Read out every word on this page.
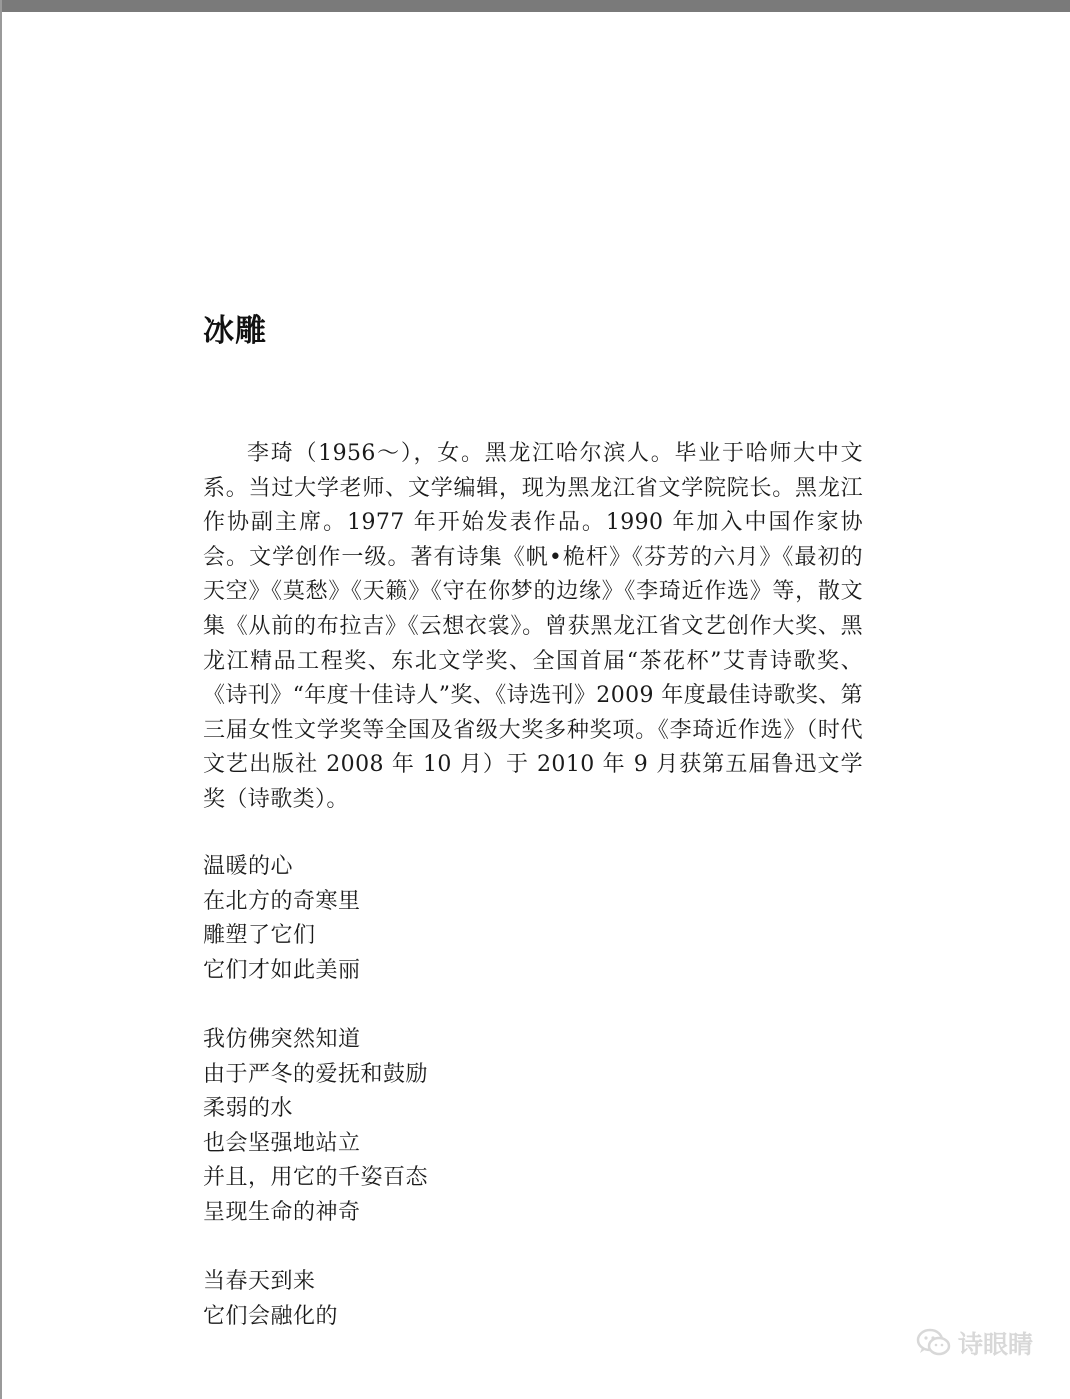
冰雕

李琦（1956～），女。黑龙江哈尔滨人。毕业于哈师大中文系。当过大学老师、文学编辑，现为黑龙江省文学院院长。黑龙江作协副主席。1977 年开始发表作品。1990 年加入中国作家协会。文学创作一级。著有诗集《帆•桅杆》《芬芳的六月》《最初的天空》《莫愁》《天籁》《守在你梦的边缘》《李琦近作选》等，散文集《从前的布拉吉》《云想衣裳》。曾获黑龙江省文艺创作大奖、黑龙江精品工程奖、东北文学奖、全国首届“茶花杯”艾青诗歌奖、《诗刊》“年度十佳诗人”奖、《诗选刊》2009 年度最佳诗歌奖、第三届女性文学奖等全国及省级大奖多种奖项。《李琦近作选》（时代文艺出版社 2008 年 10 月）于 2010 年 9 月获第五届鲁迅文学奖（诗歌类）。

温暖的心
在北方的奇寒里
雕塑了它们
它们才如此美丽
我仿佛突然知道
由于严冬的爱抚和鼓励
柔弱的水
也会坚强地站立
并且，用它的千姿百态
呈现生命的神奇
当春天到来
它们会融化的
诗眼睛
